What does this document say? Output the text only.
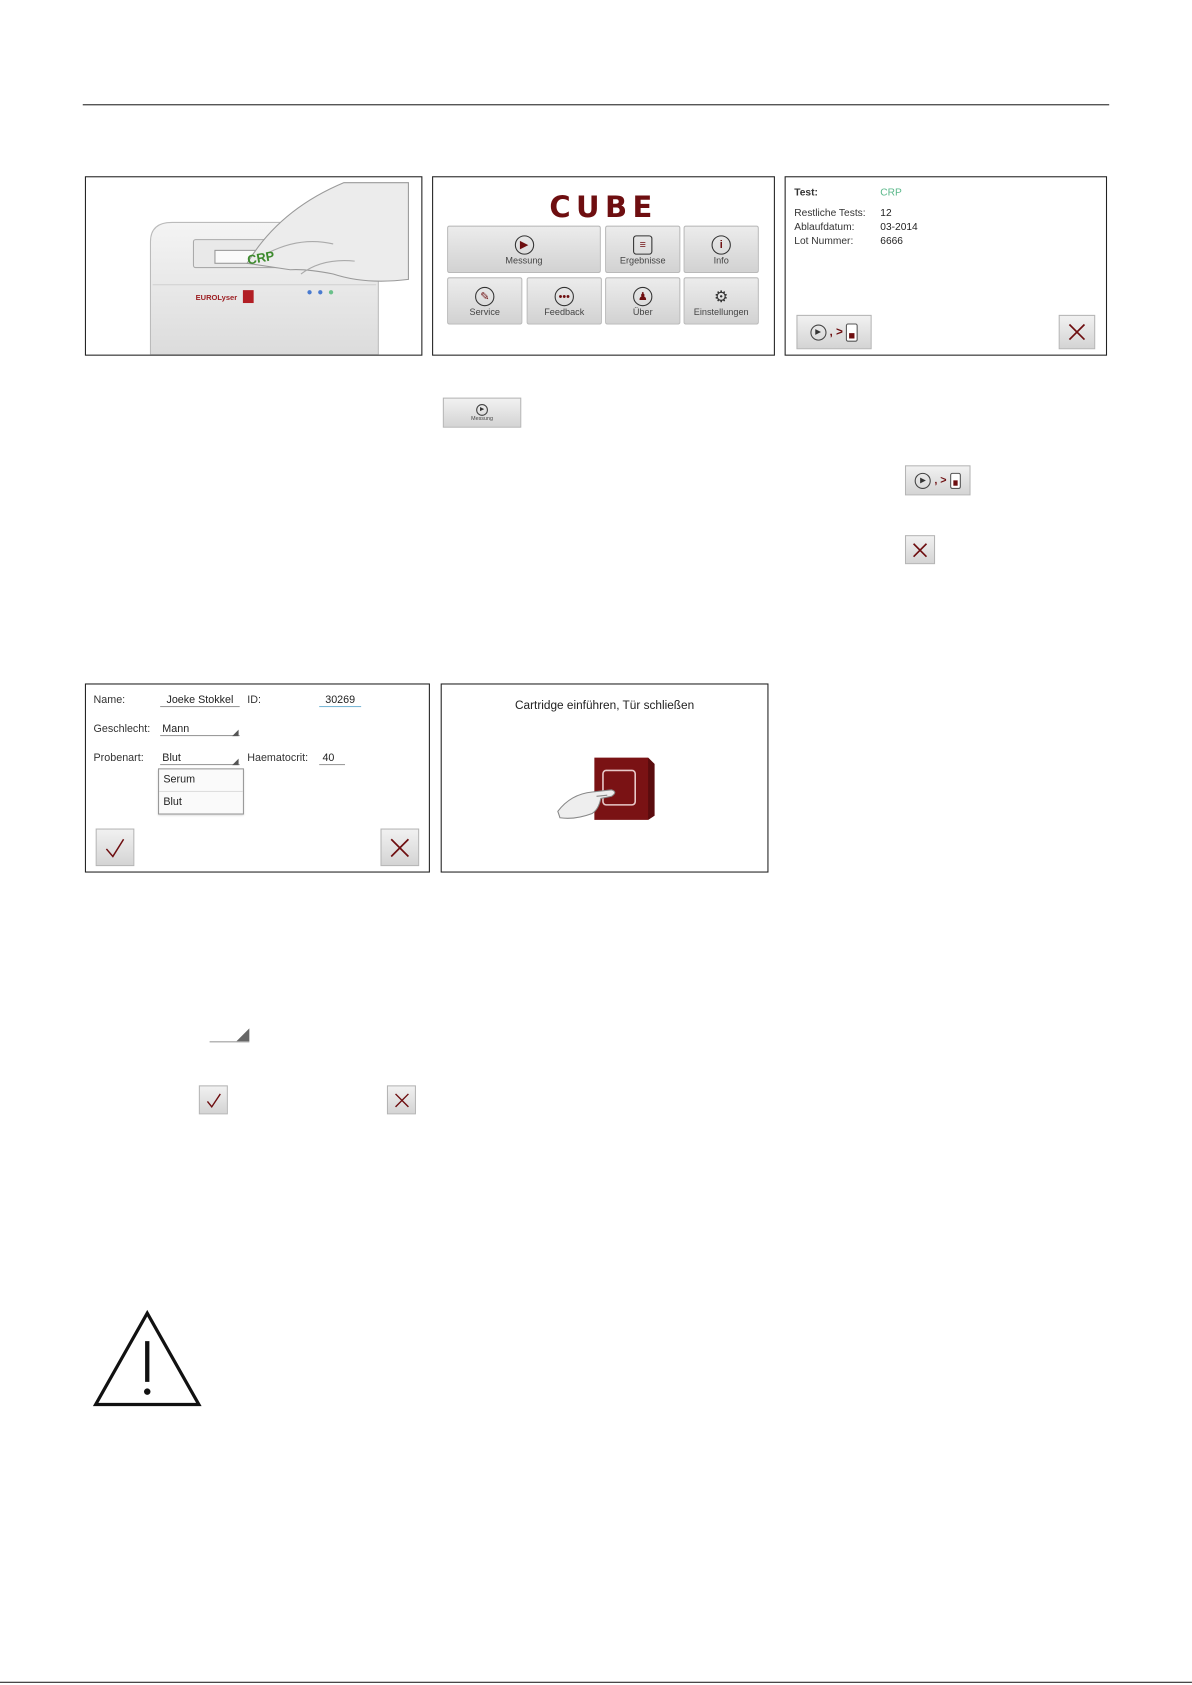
CRP
EUROLyser
CUBE
▶
Messung
≡
Ergebnisse
i
Info
✎
Service
•••
Feedback
♟
Über
⚙
Einstellungen
Test:	CRP
Restliche Tests: 12
Ablaufdatum:	03-2014
Lot Nummer:	6666
▶ , >
▶
Messung
▶ , >
Name:	Joeke Stokkel	ID:	30269
Geschlecht: Mann
Probenart: Blut	Haematocrit:	40
Serum
Blut
Cartridge einführen, Tür schließen
